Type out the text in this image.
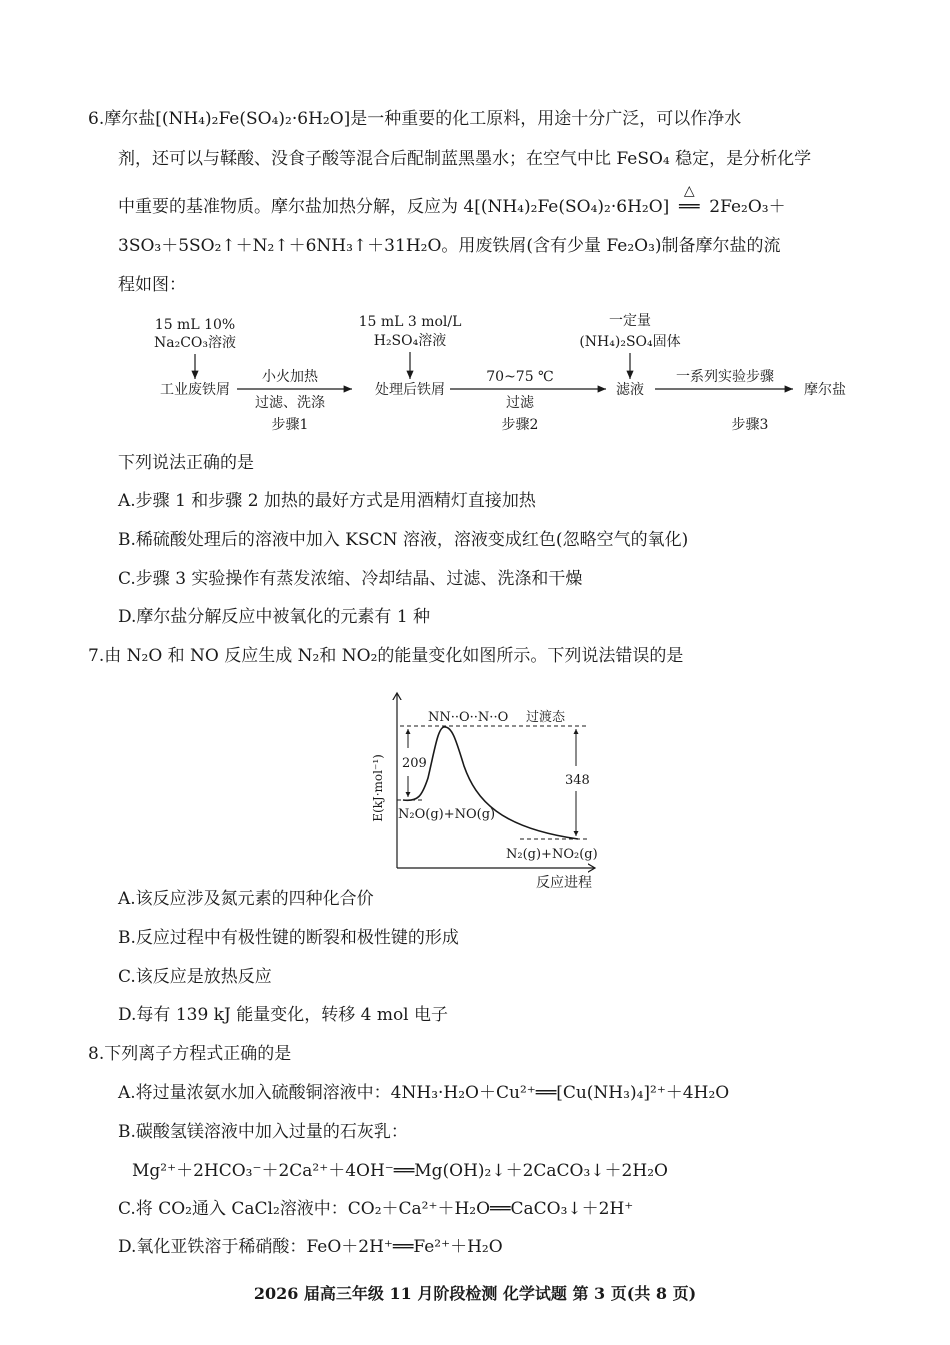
6.摩尔盐[(NH₄)₂Fe(SO₄)₂·6H₂O]是一种重要的化工原料，用途十分广泛，可以作净水
剂，还可以与鞣酸、没食子酸等混合后配制蓝黑墨水；在空气中比 FeSO₄ 稳定，是分析化学
中重要的基准物质。摩尔盐加热分解，反应为 4[(NH₄)₂Fe(SO₄)₂·6H₂O]
△
══ 2Fe₂O₃＋
3SO₃＋5SO₂↑＋N₂↑＋6NH₃↑＋31H₂O。用废铁屑(含有少量 Fe₂O₃)制备摩尔盐的流
程如图：
15 mL 10%
Na₂CO₃溶液
15 mL 3 mol/L
H₂SO₄溶液
一定量
(NH₄)₂SO₄固体
工业废铁屑	处理后铁屑	滤液	摩尔盐
小火加热
过滤、洗涤
70~75 ℃
过滤
一系列实验步骤
步骤1	步骤2	步骤3
下列说法正确的是
A.步骤 1 和步骤 2 加热的最好方式是用酒精灯直接加热
B.稀硫酸处理后的溶液中加入 KSCN 溶液，溶液变成红色(忽略空气的氧化)
C.步骤 3 实验操作有蒸发浓缩、冷却结晶、过滤、洗涤和干燥
D.摩尔盐分解反应中被氧化的元素有 1 种
7.由 N₂O 和 NO 反应生成 N₂和 NO₂的能量变化如图所示。下列说法错误的是
E(kJ·mol⁻¹)
反应进程
NN··O··N··O 过渡态
209
348
N₂O(g)+NO(g)
N₂(g)+NO₂(g)
A.该反应涉及氮元素的四种化合价
B.反应过程中有极性键的断裂和极性键的形成
C.该反应是放热反应
D.每有 139 kJ 能量变化，转移 4 mol 电子
8.下列离子方程式正确的是
A.将过量浓氨水加入硫酸铜溶液中：4NH₃·H₂O＋Cu²⁺══[Cu(NH₃)₄]²⁺＋4H₂O
B.碳酸氢镁溶液中加入过量的石灰乳：
Mg²⁺＋2HCO₃⁻＋2Ca²⁺＋4OH⁻══Mg(OH)₂↓＋2CaCO₃↓＋2H₂O
C.将 CO₂通入 CaCl₂溶液中：CO₂＋Ca²⁺＋H₂O══CaCO₃↓＋2H⁺
D.氧化亚铁溶于稀硝酸：FeO＋2H⁺══Fe²⁺＋H₂O
2026 届高三年级 11 月阶段检测 化学试题 第 3 页(共 8 页)
